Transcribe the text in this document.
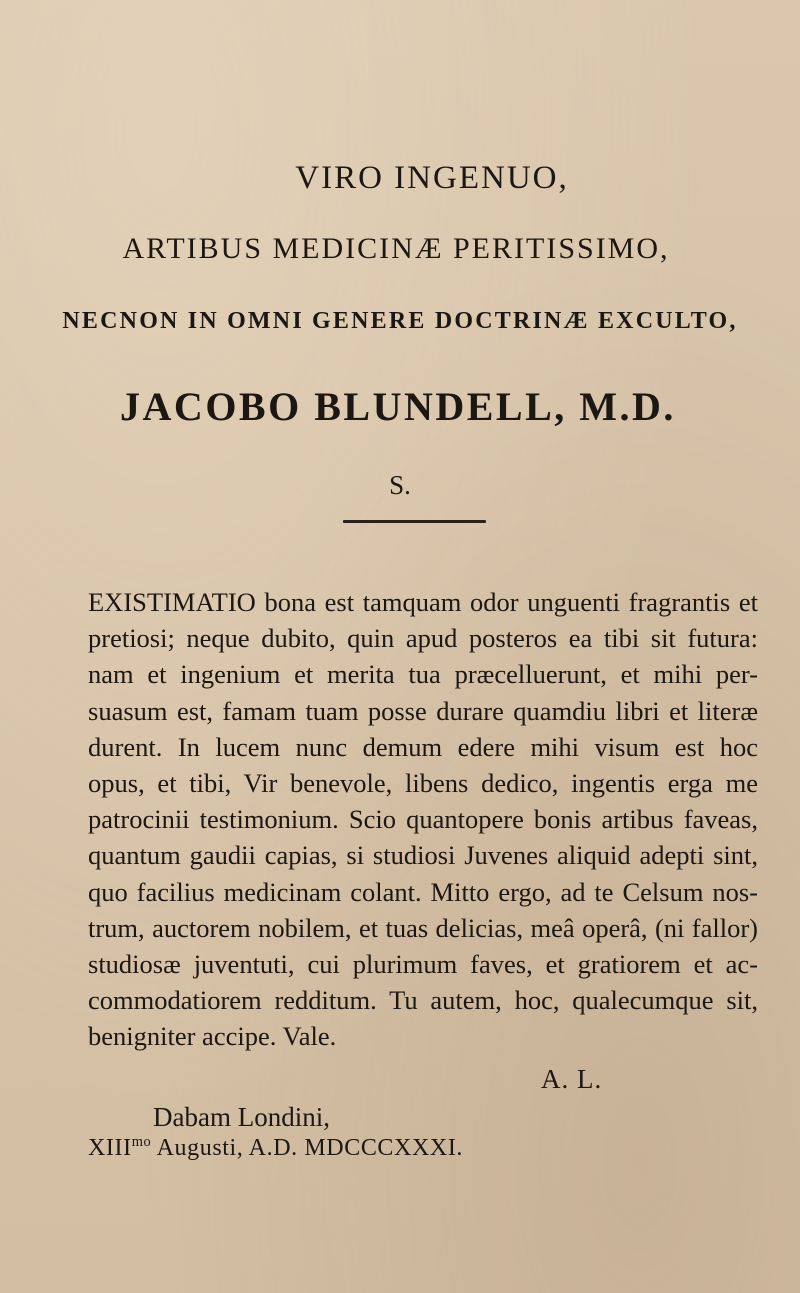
VIRO INGENUO,

ARTIBUS MEDICINÆ PERITISSIMO,

NECNON IN OMNI GENERE DOCTRINÆ EXCULTO,

JACOBO BLUNDELL, M.D.

S.

EXISTIMATIO bona est tamquam odor unguenti fragrantis et
pretiosi; neque dubito, quin apud posteros ea tibi sit futura:
nam et ingenium et merita tua præcelluerunt, et mihi per-
suasum est, famam tuam posse durare quamdiu libri et literæ
durent. In lucem nunc demum edere mihi visum est hoc
opus, et tibi, Vir benevole, libens dedico, ingentis erga me
patrocinii testimonium. Scio quantopere bonis artibus faveas,
quantum gaudii capias, si studiosi Juvenes aliquid adepti sint,
quo facilius medicinam colant. Mitto ergo, ad te Celsum nos-
trum, auctorem nobilem, et tuas delicias, meâ operâ, (ni fallor)
studiosæ juventuti, cui plurimum faves, et gratiorem et ac-
commodatiorem redditum. Tu autem, hoc, qualecumque sit,
benigniter accipe. Vale.

A. L.

Dabam Londini,

$XIII^{mo}$ Augusti, A.D. MDCCCXXXI.
